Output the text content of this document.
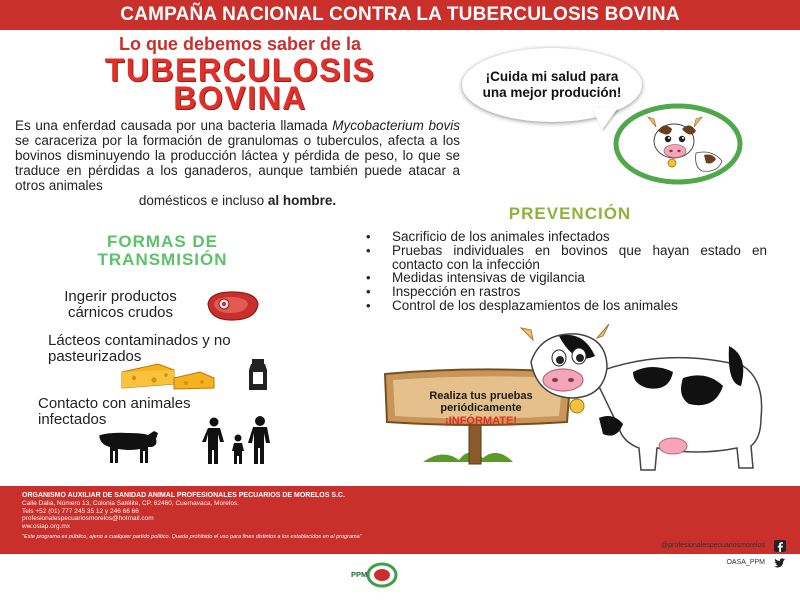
CAMPAÑA NACIONAL CONTRA LA TUBERCULOSIS BOVINA
Lo que debemos saber de la
TUBERCULOSIS
BOVINA
¡Cuida mi salud para una mejor produción!
Es una enferdad causada por una bacteria llamada Mycobacterium bovis se caraceriza por la formación de granulomas o tuberculos, afecta a los bovinos disminuyendo la producción láctea y pérdida de peso, lo que se traduce en pérdidas a los ganaderos, aunque también puede atacar a otros animales
domésticos e incluso al hombre.
PREVENCIÓN
• Sacrificio de los animales infectados
• Pruebas individuales en bovinos que hayan estado en contacto con la infección
• Medidas intensivas de vigilancia
• Inspección en rastros
• Control de los desplazamientos de los animales
FORMAS DE TRANSMISIÓN
Ingerir productos cárnicos crudos
Lácteos contaminados y no pasteurizados
Contacto con animales infectados
Realiza tus pruebas
periódicamente
¡INFÓRMATE!
ORGANISMO AUXILIAR DE SANIDAD ANIMAL PROFESIONALES PECUARIOS DE MORELOS S.C.
Calle Dalia, Número 13, Colonia Satélite, CP. 62460, Cuernavaca, Morelos.
Tels +52 (01) 777 245 35 12 y 246 66 66
profesionalespecuariosmorelos@hotmail.com
ww.osiap.org.mx
"Este programa es público, ajeno a cualquier partido político. Queda prohibido el uso para fines distintos a los establecidos en el programa"
@profesionalespecuariosmorelos
OASA_PPM
PPM
